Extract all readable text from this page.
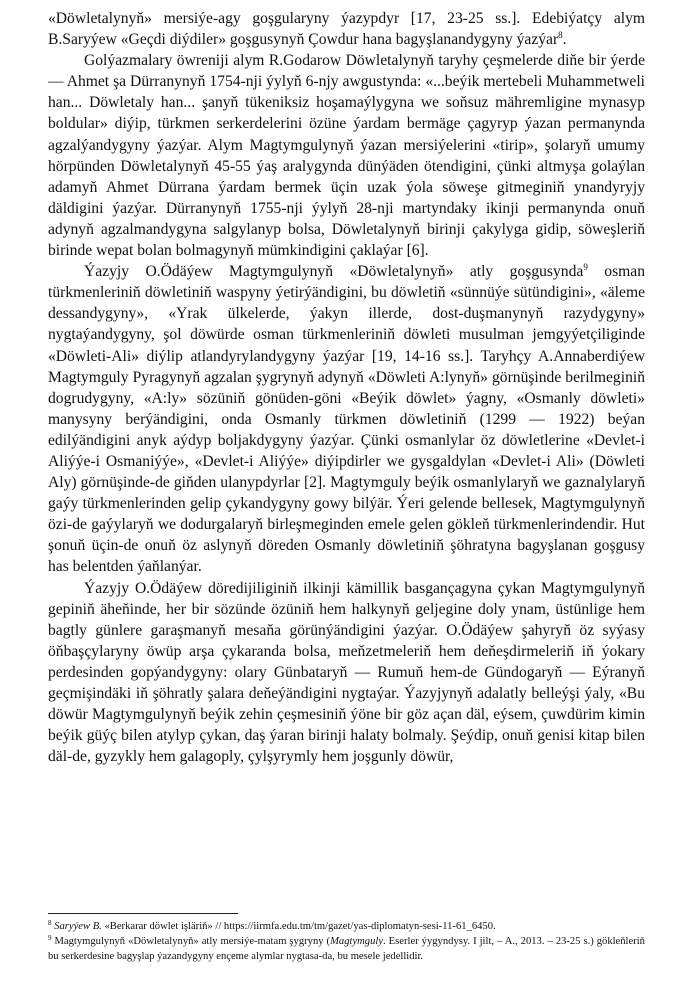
«Döwletalynyň» mersiýe-agy goşgularyny ýazypdyr [17, 23-25 ss.]. Edebiýatçy alym B.Saryýew «Geçdi diýdiler» goşgusynyň Çowdur hana bagyşlanandygyny ýazýar$^8$.

Golýazmalary öwreniji alym R.Godarow Döwletalynyň taryhy çeşmelerde diňe bir ýerde — Ahmet şa Dürranynyň 1754-nji ýylyň 6-njy awgustynda: «...beýik mertebeli Muhammetweli han... Döwletaly han... şanyň tükeniksiz hoşamaýlygyna we soňsuz mähremligine mynasyp boldular» diýip, türkmen serkerdelerini özüne ýardam bermäge çagyryp ýazan permanynda agzalýandygyny ýazýar. Alym Magtymgulynyň ýazan mersiýelerini «tirip», şolaryň umumy hörpünden Döwletalynyň 45-55 ýaş aralygynda dünýäden ötendigini, çünki altmyşa golaýlan adamyň Ahmet Dürrana ýardam bermek üçin uzak ýola söweşe gitmeginiň ynandyryjy däldigini ýazýar. Dürranynyň 1755-nji ýylyň 28-nji martyndaky ikinji permanynda onuň adynyň agzalmandygyna salgylanyp bolsa, Döwletalynyň birinji çakylyga gidip, söweşleriň birinde wepat bolan bolmagynyň mümkindigini çaklaýar [6].

Ýazyjy O.Ödäýew Magtymgulynyň «Döwletalynyň» atly goşgusynda$^9$ osman türkmenleriniň döwletiniň waspyny ýetirýändigini, bu döwletiň «sünnüýe sütündigini», «äleme dessandygyny», «Yrak ülkelerde, ýakyn illerde, dost-duşmanynyň razydygyny» nygtaýandygyny, şol döwürde osman türkmenleriniň döwleti musulman jemgyýetçiliginde «Döwleti-Ali» diýlip atlandyrylandygyny ýazýar [19, 14-16 ss.]. Taryhçy A.Annaberdiýew Magtymguly Pyragynyň agzalan şygrynyň adynyň «Döwleti A:lynyň» görnüşinde berilmeginiň dogrudygyny, «A:ly» sözüniň gönüden-göni «Beýik döwlet» ýagny, «Osmanly döwleti» manysyny berýändigini, onda Osmanly türkmen döwletiniň (1299 — 1922) beýan edilýändigini anyk aýdyp boljakdygyny ýazýar. Çünki osmanlylar öz döwletlerine «Devlet-i Aliýýe-i Osmaniýýe», «Devlet-i Aliýýe» diýipdirler we gysgaldylan «Devlet-i Ali» (Döwleti Aly) görnüşinde-de giňden ulanypdyrlar [2]. Magtymguly beýik osmanlylaryň we gaznalylaryň gaýy türkmenlerinden gelip çykandygyny gowy bilýär. Ýeri gelende bellesek, Magtymgulynyň özi-de gaýylaryň we dodurgalaryň birleşmeginden emele gelen gökleň türkmenlerindendir. Hut şonuň üçin-de onuň öz aslynyň döreden Osmanly döwletiniň şöhratyna bagyşlanan goşgusy has belentden ýaňlanýar.

Ýazyjy O.Ödäýew döredijiliginiň ilkinji kämillik basgançagyna çykan Magtymgulynyň gepiniň äheňinde, her bir sözünde özüniň hem halkynyň geljegine doly ynam, üstünlige hem bagtly günlere garaşmanyň mesaňa görünýändigini ýazýar. O.Ödäýew şahyryň öz syýasy öňbaşçylaryny öwüp arşa çykaranda bolsa, meňzetmeleriň hem deňeşdirmeleriň iň ýokary perdesinden gopýandygyny: olary Günbataryň — Rumuň hem-de Gündogaryň — Eýranyň geçmişindäki iň şöhratly şalara deňeýändigini nygtaýar. Ýazyjynyň adalatly belleýşi ýaly, «Bu döwür Magtymgulynyň beýik zehin çeşmesiniň ýöne bir göz açan däl, eýsem, çuwdürim kimin beýik güýç bilen atylyp çykan, daş ýaran birinji halaty bolmaly. Şeýdip, onuň genisi kitap bilen däl-de, gyzykly hem galagoply, çylşyrymly hem joşgunly döwür,

$^8$ Saryýew B. «Berkarar döwlet işläriň» // https://iirmfa.edu.tm/tm/gazet/yas-diplomatyn-sesi-11-61_6450.

$^9$ Magtymgulynyň «Döwletalynyň» atly mersiýe-matam şygryny (Magtymguly. Eserler ýygyndysy. I jilt, – A., 2013. – 23-25 s.) gökleňleriň bu serkerdesine bagyşlap ýazandygyny ençeme alymlar nygtasa-da, bu mesele jedellidir.
